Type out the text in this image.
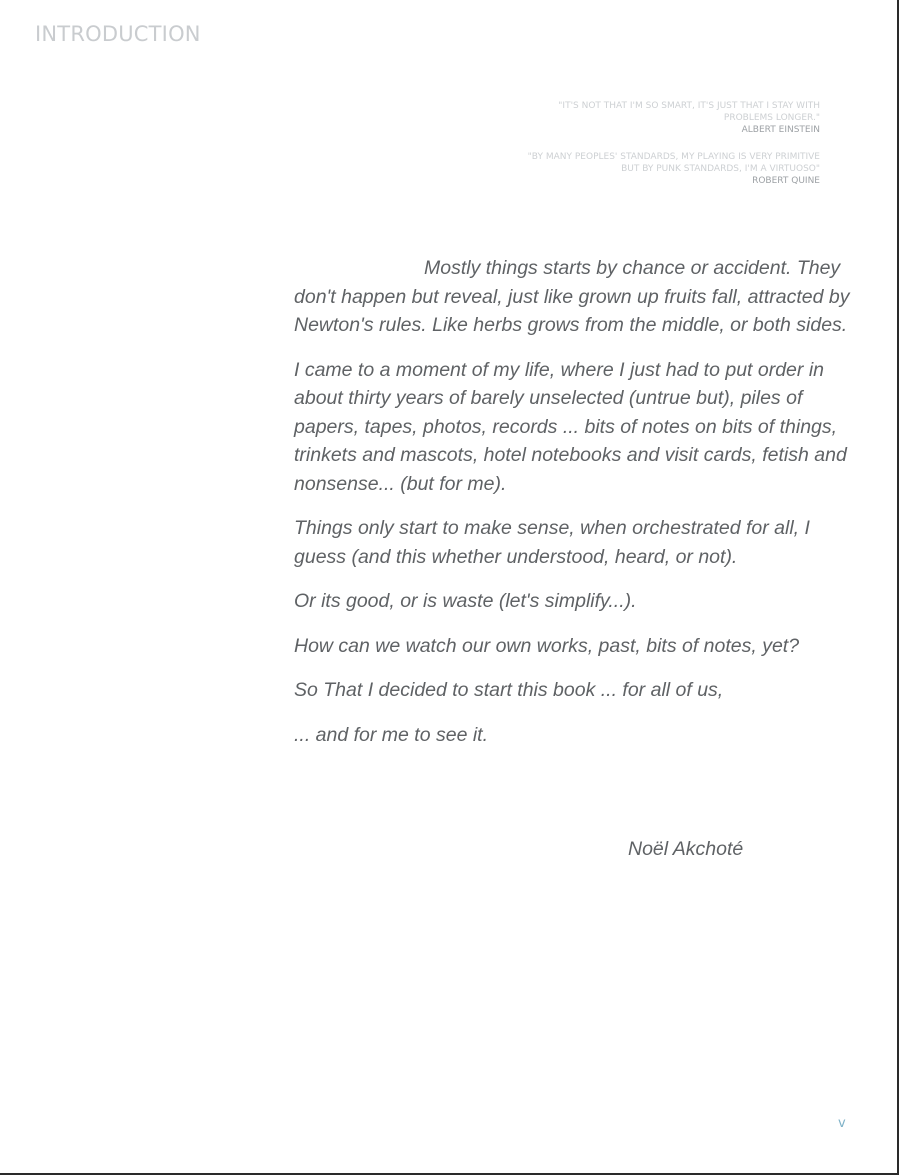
INTRODUCTION
"IT'S NOT THAT I'M SO SMART, IT'S JUST THAT I STAY WITH PROBLEMS LONGER."
ALBERT EINSTEIN
"BY MANY PEOPLES' STANDARDS, MY PLAYING IS VERY PRIMITIVE BUT BY PUNK STANDARDS, I'M A VIRTUOSO"
ROBERT QUINE

Mostly things starts by chance or accident. They don't happen but reveal, just like grown up fruits fall, attracted by Newton's rules. Like herbs grows from the middle, or both sides.

I came to a moment of my life, where I just had to put order in about thirty years of barely unselected (untrue but), piles of papers, tapes, photos, records ... bits of notes on bits of things, trinkets and mascots, hotel notebooks and visit cards, fetish and nonsense... (but for me).

Things only start to make sense, when orchestrated for all, I guess (and this whether understood, heard, or not).

Or its good, or is waste (let's simplify...).

How can we watch our own works, past, bits of notes, yet?

So That I decided to start this book ... for all of us,

... and for me to see it.

Noël Akchoté

v
